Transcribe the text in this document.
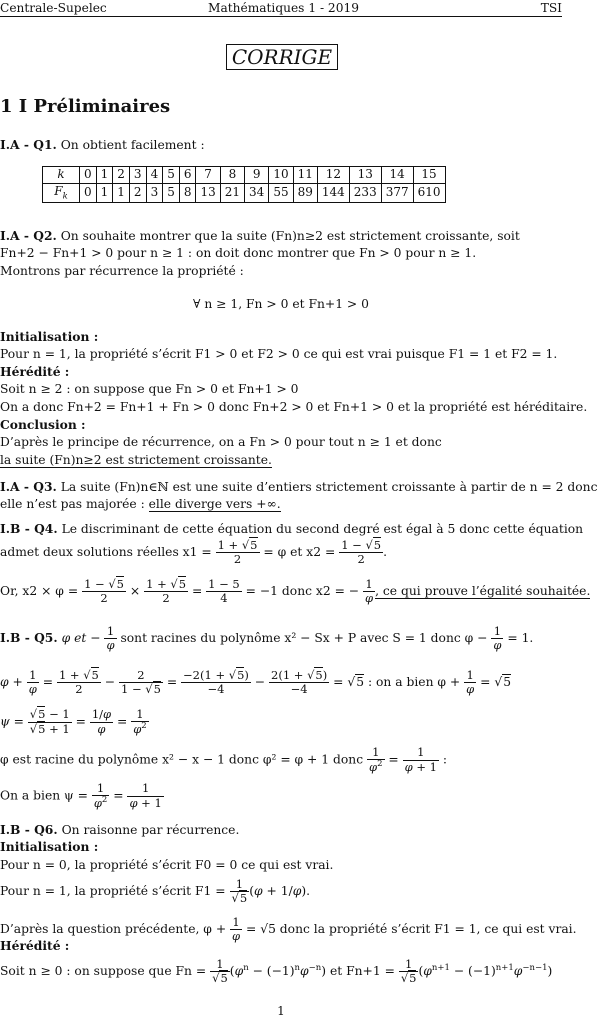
Centrale-Supelec	Mathématiques 1 - 2019	TSI
CORRIGE
1 I Préliminaires
I.A - Q1. On obtient facilement :
k	0	1	2	3	4	5	6	7	8	9	10	11	12	13	14	15
$F_k$	0	1	1	2	3	5	8	13	21	34	55	89	144	233	377	610
I.A - Q2. On souhaite montrer que la suite (Fn)n≥2 est strictement croissante, soit
Fn+2 − Fn+1 > 0 pour n ≥ 1 : on doit donc montrer que Fn > 0 pour n ≥ 1.
Montrons par récurrence la propriété :
∀ n ≥ 1, Fn > 0 et Fn+1 > 0
Initialisation :
Pour n = 1, la propriété s’écrit F1 > 0 et F2 > 0 ce qui est vrai puisque F1 = 1 et F2 = 1.
Hérédité :
Soit n ≥ 2 : on suppose que Fn > 0 et Fn+1 > 0
On a donc Fn+2 = Fn+1 + Fn > 0 donc Fn+2 > 0 et Fn+1 > 0 et la propriété est héréditaire.
Conclusion :
D’après le principe de récurrence, on a Fn > 0 pour tout n ≥ 1 et donc
la suite (Fn)n≥2 est strictement croissante.
I.A - Q3. La suite (Fn)n∈ℕ est une suite d’entiers strictement croissante à partir de n = 2 donc
elle n’est pas majorée : elle diverge vers +∞.
I.B - Q4. Le discriminant de cette équation du second degré est égal à 5 donc cette équation
admet deux solutions réelles $x1 = \frac{1 + √5}{2} = \varphi$ et $x2 = \frac{1 - √5}{2}$ .
Or, $x2 \times \varphi = \frac{1 - √5}{2} \times \frac{1 + √5}{2} = \frac{1 - 5}{4} = -1$ donc x2 = − $\frac{1}{\varphi}$ , ce qui prouve l’égalité souhaitée.
I.B - Q5. φ et − $\frac{1}{\varphi}$ sont racines du polynôme x² − Sx + P avec S = 1 donc $\varphi - \frac{1}{\varphi} = 1$.
$\varphi + \frac{1}{\varphi} = \frac{1 + √5}{2} - \frac{2}{1 - √5} = \frac{-2(1 + √5)}{-4} - \frac{2(1 + √5)}{-4} = √5$ : on a bien $\varphi + \frac{1}{\varphi} = √5$
$\psi = \frac{√5 - 1}{√5 + 1} = \frac{1/\varphi}{\varphi} = \frac{1}{\varphi^2}$
φ est racine du polynôme x² − x − 1 donc φ² = φ + 1 donc $\frac{1}{\varphi^2} = \frac{1}{\varphi + 1}$ :
On a bien $\psi = \frac{1}{\varphi^2} = \frac{1}{\varphi + 1}$
I.B - Q6. On raisonne par récurrence.
Initialisation :
Pour n = 0, la propriété s’écrit F0 = 0 ce qui est vrai.
Pour n = 1, la propriété s’écrit $F1 = \frac{1}{√5} (\varphi + 1/\varphi)$.
D’après la question précédente, $\varphi + \frac{1}{\varphi} = √5$ donc la propriété s’écrit F1 = 1, ce qui est vrai.
Hérédité :
Soit n ≥ 0 : on suppose que $Fn = \frac{1}{√5} (\varphi^n - (-1)^n\varphi^{-n})$ et $Fn+1 = \frac{1}{√5} (\varphi^{n+1} - (-1)^{n+1}\varphi^{-n-1})$
1
